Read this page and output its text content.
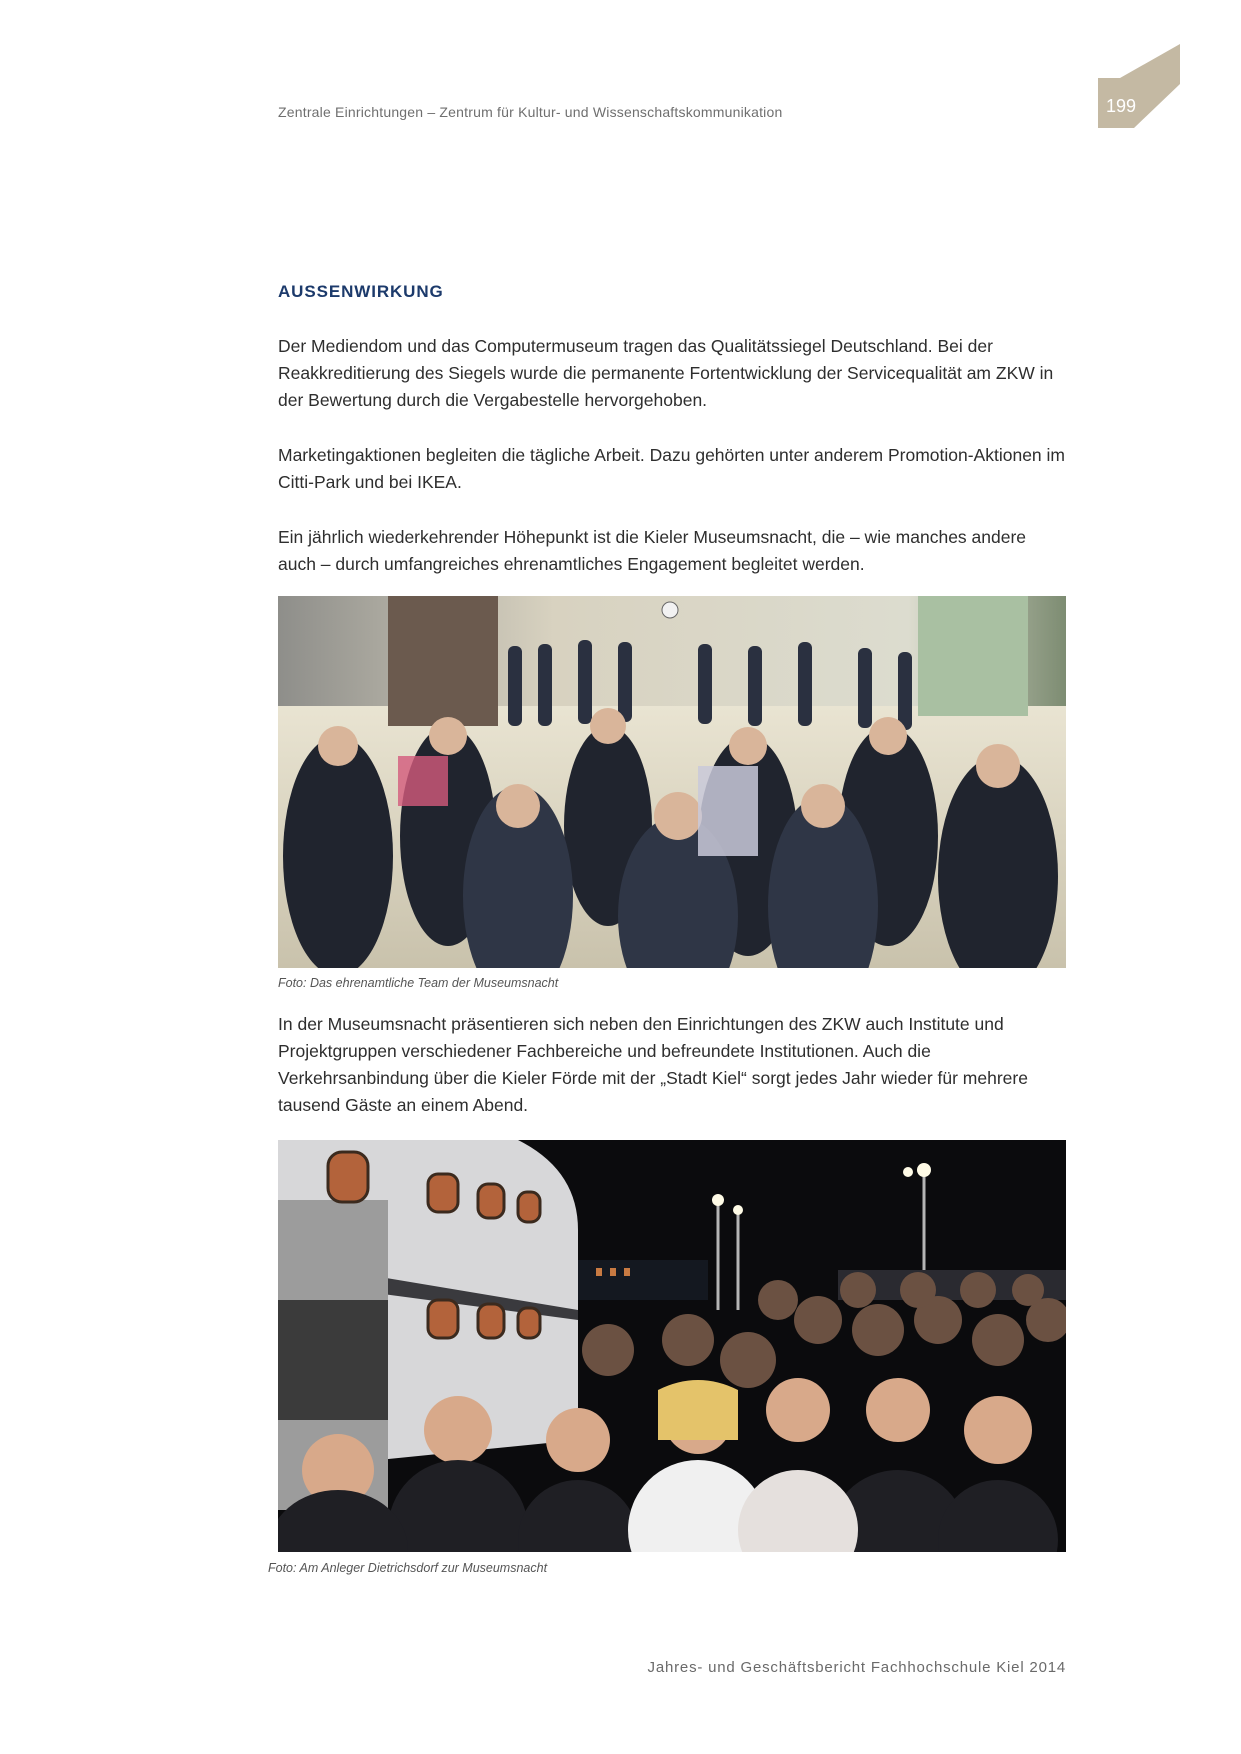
Zentrale Einrichtungen – Zentrum für Kultur- und Wissenschaftskommunikation	199
AUSSENWIRKUNG

Der Mediendom und das Computermuseum tragen das Qualitätssiegel Deutschland. Bei der Reakkreditierung des Siegels wurde die permanente Fortentwicklung der Servicequalität am ZKW in der Bewertung durch die Vergabestelle hervorgehoben.

Marketingaktionen begleiten die tägliche Arbeit. Dazu gehörten unter anderem Promotion-Aktionen im Citti-Park und bei IKEA.

Ein jährlich wiederkehrender Höhepunkt ist die Kieler Museumsnacht, die – wie manches andere auch – durch umfangreiches ehrenamtliches Engagement begleitet werden.

Foto: Das ehrenamtliche Team der Museumsnacht

In der Museumsnacht präsentieren sich neben den Einrichtungen des ZKW auch Institute und Projektgruppen verschiedener Fachbereiche und befreundete Institutionen. Auch die Verkehrsanbindung über die Kieler Förde mit der „Stadt Kiel“ sorgt jedes Jahr wieder für mehrere tausend Gäste an einem Abend.

Foto: Am Anleger Dietrichsdorf zur Museumsnacht
Jahres- und Geschäftsbericht Fachhochschule Kiel 2014
